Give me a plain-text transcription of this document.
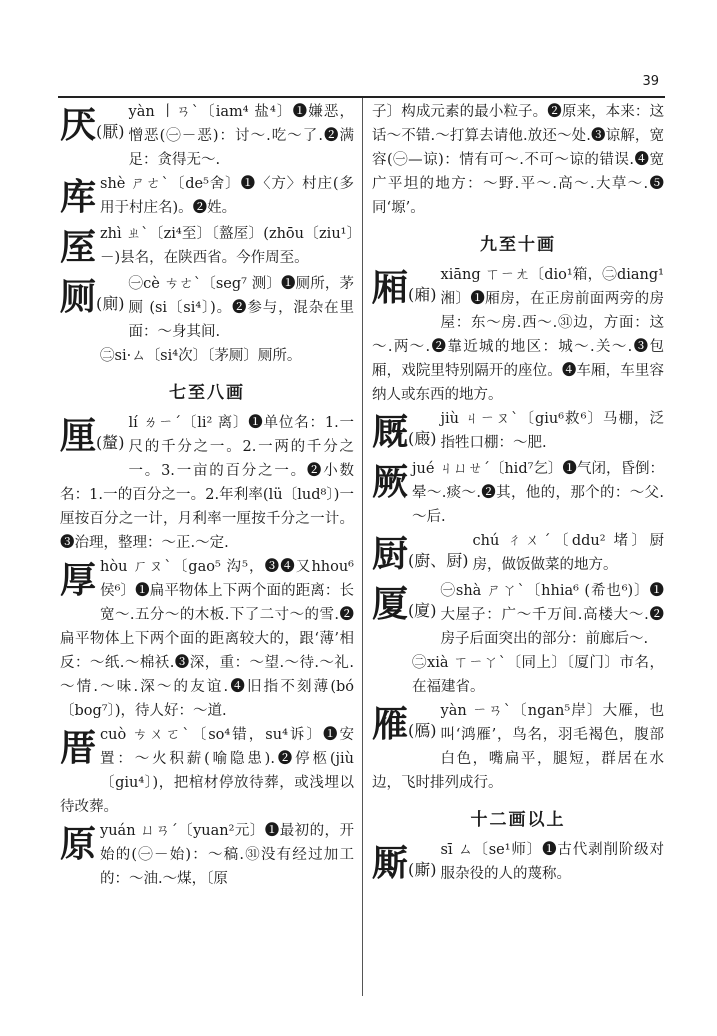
39
厌(厭)
yàn 丨ㄢˋ〔iam⁴ 盐⁴〕❶嫌恶，憎恶(㊀－恶)：讨～.吃～了.❷满足：贪得无～.
库 shè ㄕㄜˋ〔de⁵舍〕❶〈方〉村庄(多用于村庄名)。❷姓。
厔 zhì ㄓˋ〔zi⁴至〕〔盩厔〕(zhōu〔ziu¹〕－)县名，在陕西省。今作周至。
厕(廁)
㊀cè ㄘㄜˋ〔seg⁷ 测〕❶厕所，茅厕 (si〔si⁴〕)。❷参与，混杂在里面：～身其间.
㊁si·ㄙ〔si⁴次〕〔茅厕〕厕所。
七至八画
厘(釐)
lí ㄌㄧˊ〔li² 离〕❶单位名：1.一尺的千分之一。2.一两的千分之一。3.一亩的百分之一。❷小数名：1.一的百分之一。2.年利率(lü〔lud⁸〕)一厘按百分之一计，月利率一厘按千分之一计。❸治理，整理：～正.～定.
厚 hòu ㄏㄡˋ〔gao⁵ 沟⁵，❸❹又hhou⁶侯⁶〕❶扁平物体上下两个面的距离：长宽～.五分～的木板.下了二寸～的雪.❷扁平物体上下两个面的距离较大的，跟‘薄’相反：～纸.～棉袄.❸深，重：～望.～待.～礼.～情.～味.深～的友谊.❹旧指不刻薄(bó〔bog⁷〕)，待人好：～道.
厝 cuò ㄘㄨㄛˋ〔so⁴错，su⁴诉〕❶安置：～火积薪(喻隐患).❷停柩(jiù〔giu⁴〕)，把棺材停放待葬，或浅埋以待改葬。
原 yuán ㄩㄢˊ〔yuan²元〕❶最初的，开始的(㊀－始)：～稿.㉛没有经过加工的：～油.～煤，〔原
子〕构成元素的最小粒子。❷原来，本来：这话～不错.～打算去请他.放还～处.❸谅解，宽容(㊀—谅)：情有可～.不可～谅的错误.❹宽广平坦的地方：～野.平～.高～.大草～.❺同‘塬’。
九至十画
厢(廂)
xiāng ㄒㄧㄤ〔dio¹箱，㊁diang¹湘〕❶厢房，在正房前面两旁的房屋：东～房.西～.㉛边，方面：这～.两～.❷靠近城的地区：城～.关～.❸包厢，戏院里特别隔开的座位。❹车厢，车里容纳人或东西的地方。
厩(廄)
jiù ㄐㄧㄡˋ〔giu⁶救⁶〕马棚，泛指牲口棚：～肥.
厥 jué ㄐㄩㄝˊ〔hid⁷乞〕❶气闭，昏倒：晕～.痰～.❷其，他的，那个的：～父.～后.
厨(廚、厨)
chú ㄔㄨˊ〔ddu² 堵〕厨房，做饭做菜的地方。
厦(廈)
㊀shà ㄕㄚˋ〔hhia⁶ (希也⁶)〕❶大屋子：广～千万间.高楼大～.❷房子后面突出的部分：前廊后～.
㊁xià ㄒㄧㄚˋ〔同上〕〔厦门〕市名，在福建省。
雁(鴈)
yàn ㄧㄢˋ〔ngan⁵岸〕大雁，也叫‘鸿雁’，鸟名，羽毛褐色，腹部白色，嘴扁平，腿短，群居在水边，飞时排列成行。
十二画以上
厮(廝)
sī ㄙ〔se¹师〕❶古代剥削阶级对服杂役的人的蔑称。
